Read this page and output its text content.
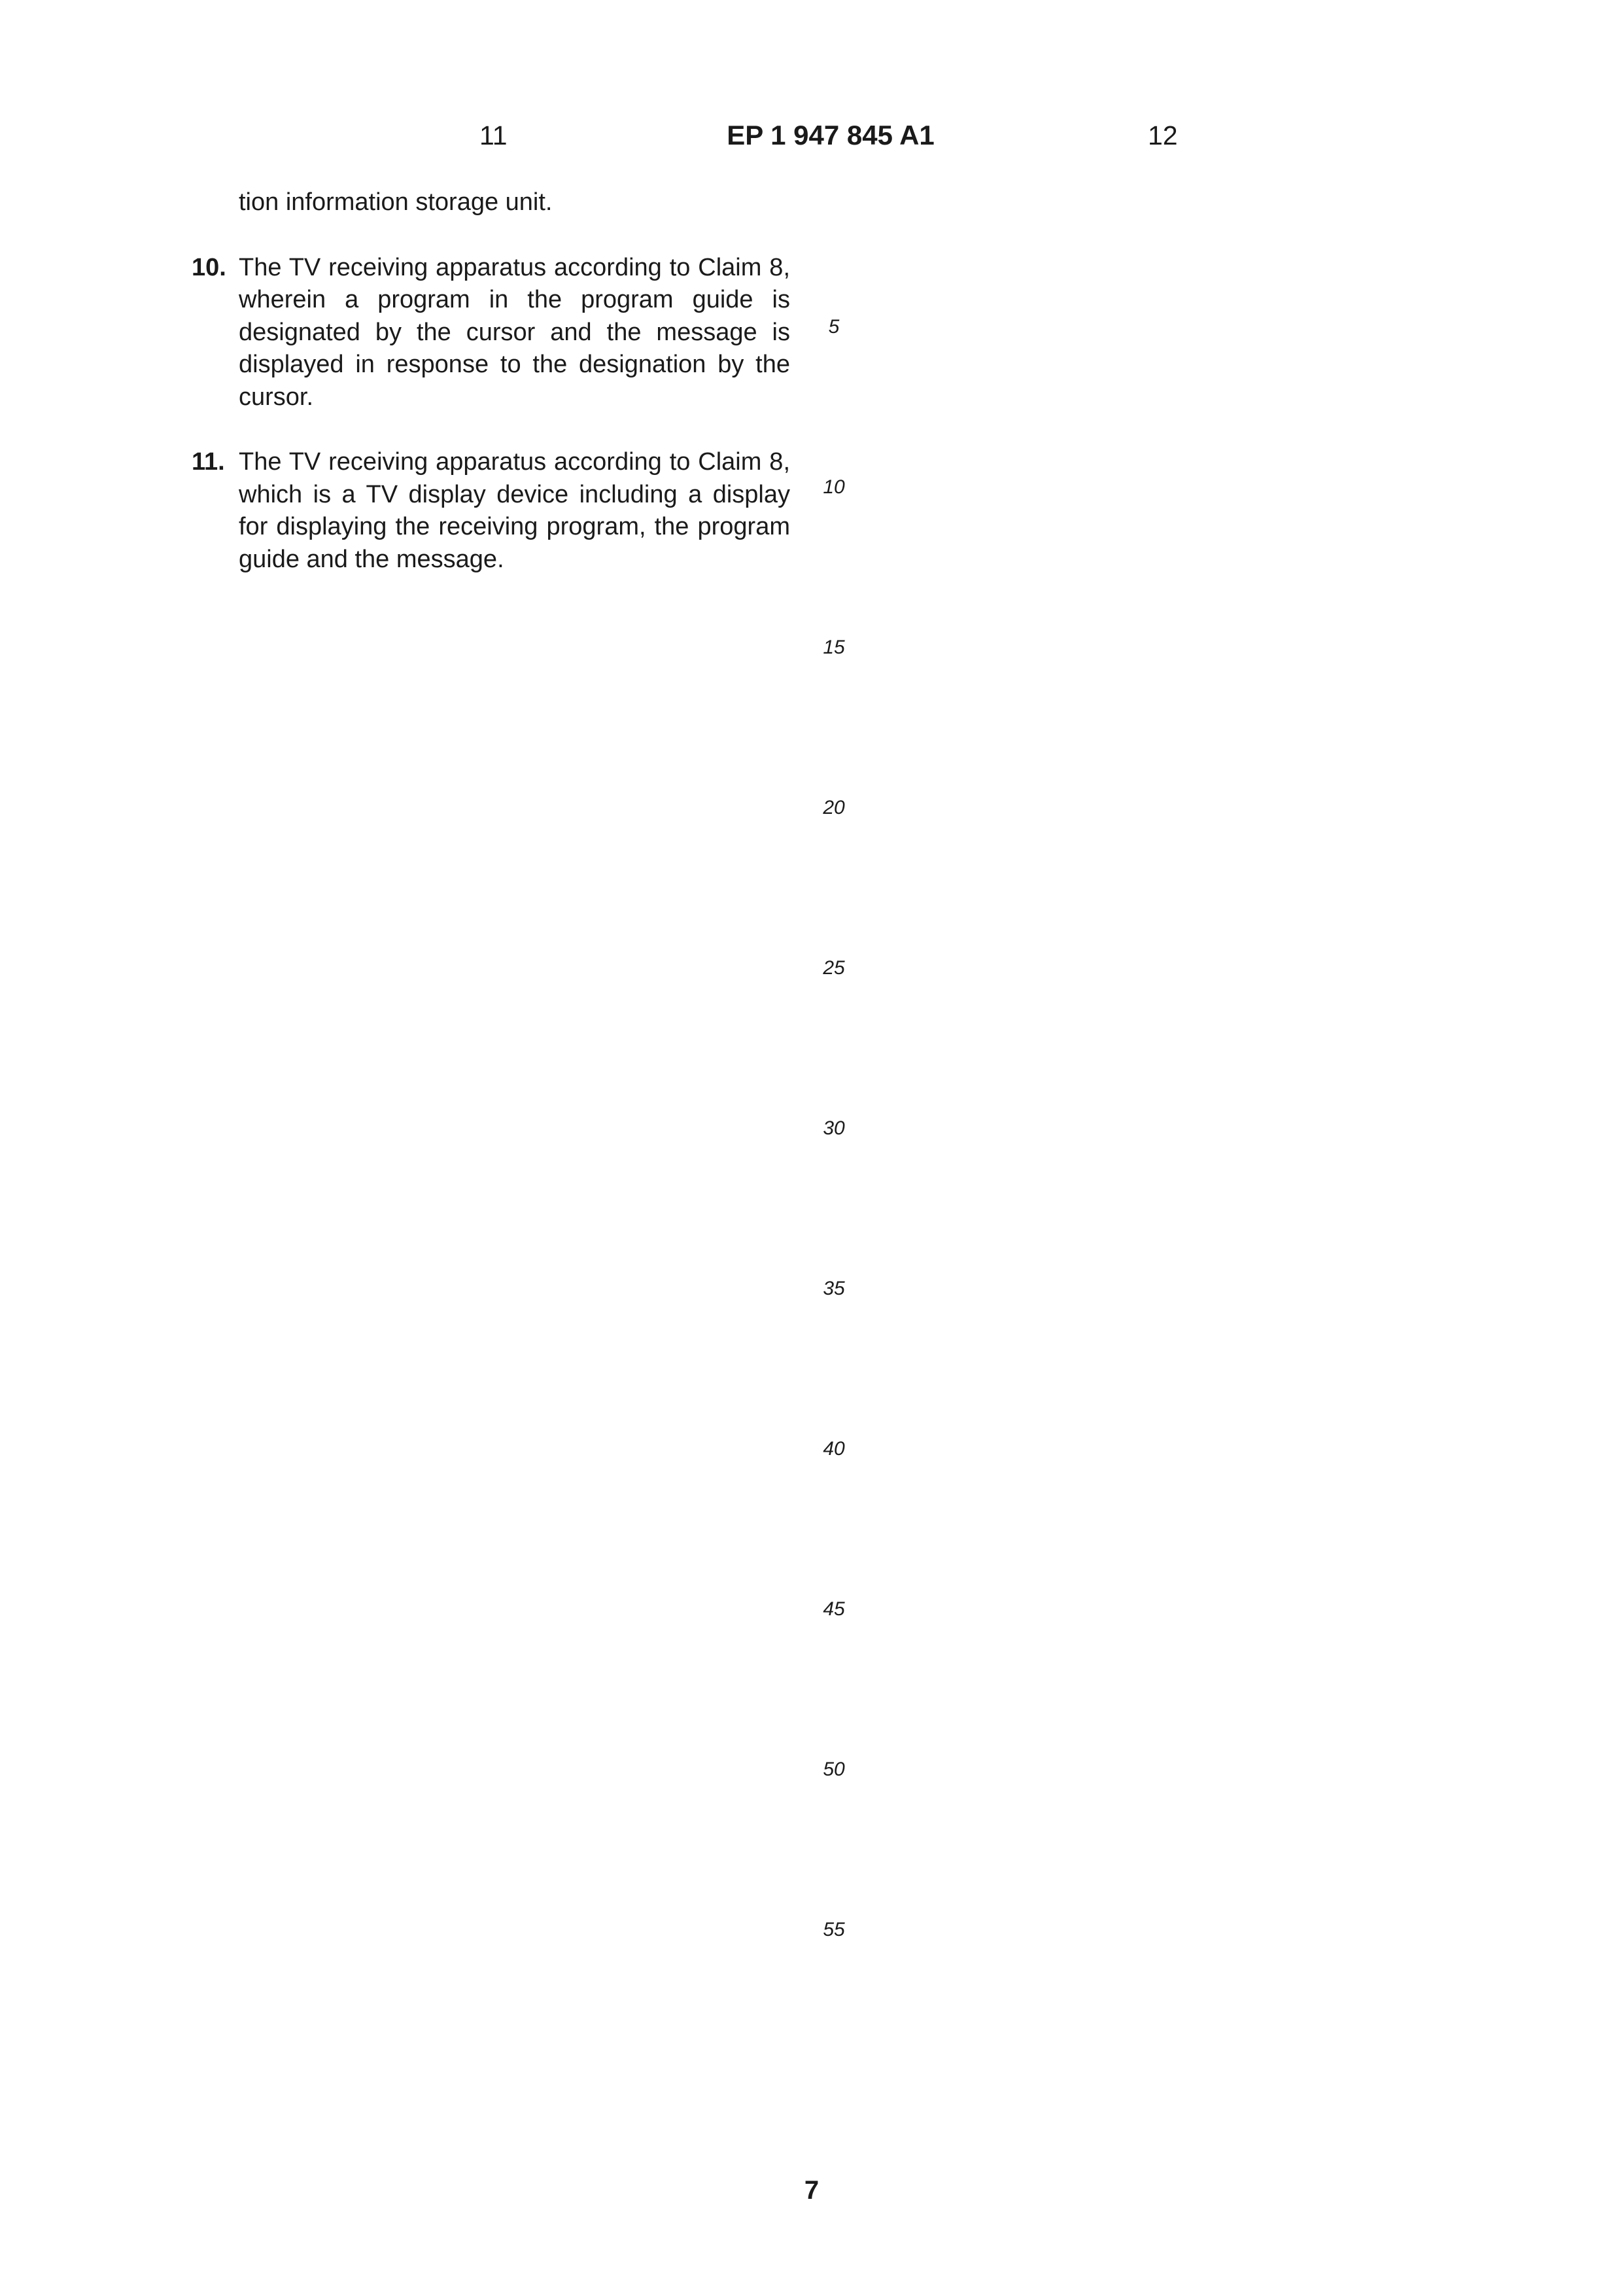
11	EP 1 947 845 A1	12
tion information storage unit.
10. The TV receiving apparatus according to Claim 8, wherein a program in the program guide is designated by the cursor and the message is displayed in response to the designation by the cursor.
11. The TV receiving apparatus according to Claim 8, which is a TV display device including a display for displaying the receiving program, the program guide and the message.
5
10
15
20
25
30
35
40
45
50
55
7
